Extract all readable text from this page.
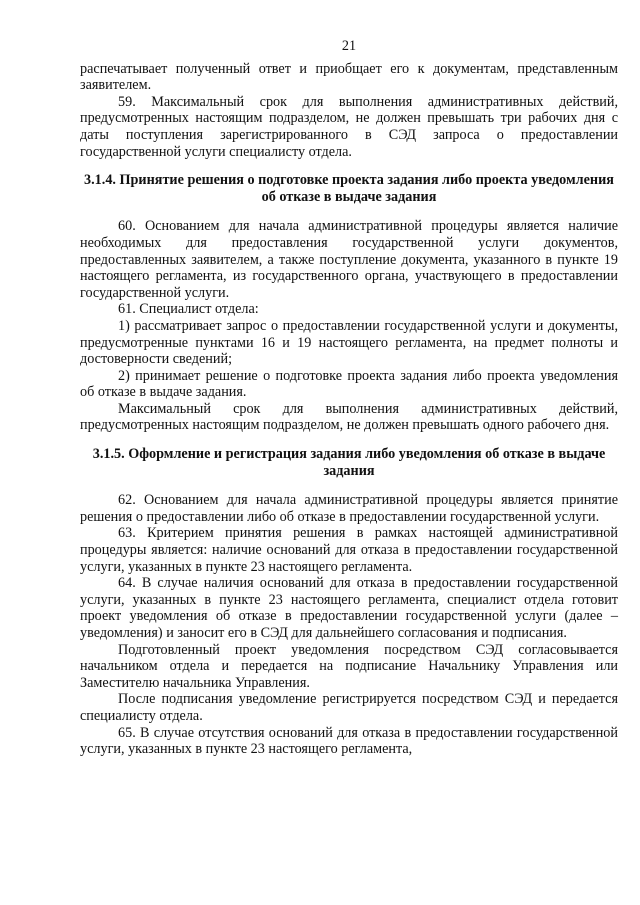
21

распечатывает полученный ответ и приобщает его к документам, представленным заявителем.

59. Максимальный срок для выполнения административных действий, предусмотренных настоящим подразделом, не должен превышать три рабочих дня с даты поступления зарегистрированного в СЭД запроса о предоставлении государственной услуги специалисту отдела.

3.1.4. Принятие решения о подготовке проекта задания либо проекта уведомления об отказе в выдаче задания

60. Основанием для начала административной процедуры является наличие необходимых для предоставления государственной услуги документов, предоставленных заявителем, а также поступление документа, указанного в пункте 19 настоящего регламента, из государственного органа, участвующего в предоставлении государственной услуги.

61. Специалист отдела:

1) рассматривает запрос о предоставлении государственной услуги и документы, предусмотренные пунктами 16 и 19 настоящего регламента, на предмет полноты и достоверности сведений;

2) принимает решение о подготовке проекта задания либо проекта уведомления об отказе в выдаче задания.

Максимальный срок для выполнения административных действий, предусмотренных настоящим подразделом, не должен превышать одного рабочего дня.

3.1.5. Оформление и регистрация задания либо уведомления об отказе в выдаче задания

62. Основанием для начала административной процедуры является принятие решения о предоставлении либо об отказе в предоставлении государственной услуги.

63. Критерием принятия решения в рамках настоящей административной процедуры является: наличие оснований для отказа в предоставлении государственной услуги, указанных в пункте 23 настоящего регламента.

64. В случае наличия оснований для отказа в предоставлении государственной услуги, указанных в пункте 23 настоящего регламента, специалист отдела готовит проект уведомления об отказе в предоставлении государственной услуги (далее – уведомления) и заносит его в СЭД для дальнейшего согласования и подписания.

Подготовленный проект уведомления посредством СЭД согласовывается начальником отдела и передается на подписание Начальнику Управления или Заместителю начальника Управления.

После подписания уведомление регистрируется посредством СЭД и передается специалисту отдела.

65. В случае отсутствия оснований для отказа в предоставлении государственной услуги, указанных в пункте 23 настоящего регламента,
